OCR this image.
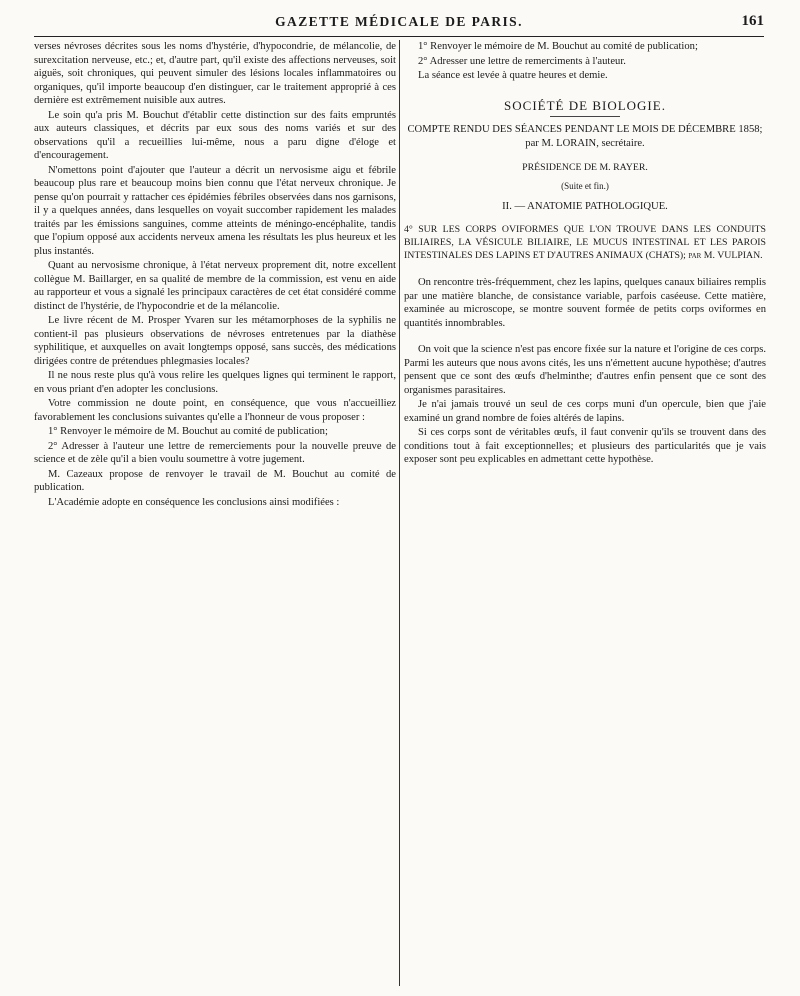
GAZETTE MÉDICALE DE PARIS.	161

verses névroses décrites sous les noms d'hystérie, d'hypocondrie, de mélancolie, de surexcitation nerveuse, etc.; et, d'autre part, qu'il existe des affections nerveuses, soit aiguës, soit chroniques, qui peuvent simuler des lésions locales inflammatoires ou organiques, qu'il importe beaucoup d'en distinguer, car le traitement approprié à ces dernière est extrêmement nuisible aux autres.

Le soin qu'a pris M. Bouchut d'établir cette distinction sur des faits empruntés aux auteurs classiques, et décrits par eux sous des noms variés et sur des observations qu'il a recueillies lui-même, nous a paru digne d'éloge et d'encouragement.

N'omettons point d'ajouter que l'auteur a décrit un nervosisme aigu et fébrile beaucoup plus rare et beaucoup moins bien connu que l'état nerveux chronique. Je pense qu'on pourrait y rattacher ces épidémies fébriles observées dans nos garnisons, il y a quelques années, dans lesquelles on voyait succomber rapidement les malades traités par les émissions sanguines, comme atteints de méningo-encéphalite, tandis que l'opium opposé aux accidents nerveux amena les résultats les plus heureux et les plus instantés.

Quant au nervosisme chronique, à l'état nerveux proprement dit, notre excellent collègue M. Baillarger, en sa qualité de membre de la commission, est venu en aide au rapporteur et vous a signalé les principaux caractères de cet état considéré comme distinct de l'hystérie, de l'hypocondrie et de la mélancolie.

Le livre récent de M. Prosper Yvaren sur les métamorphoses de la syphilis ne contient-il pas plusieurs observations de névroses entretenues par la diathèse syphilitique, et auxquelles on avait longtemps opposé, sans succès, des médications dirigées contre de prétendues phlegmasies locales?

Il ne nous reste plus qu'à vous relire les quelques lignes qui terminent le rapport, en vous priant d'en adopter les conclusions.

Votre commission ne doute point, en conséquence, que vous n'accueilliez favorablement les conclusions suivantes qu'elle a l'honneur de vous proposer :

1° Renvoyer le mémoire de M. Bouchut au comité de publication;

2° Adresser à l'auteur une lettre de remerciements pour la nouvelle preuve de science et de zèle qu'il a bien voulu soumettre à votre jugement.

M. Cazeaux propose de renvoyer le travail de M. Bouchut au comité de publication.

L'Académie adopte en conséquence les conclusions ainsi modifiées :

1° Renvoyer le mémoire de M. Bouchut au comité de publication;

2° Adresser une lettre de remerciments à l'auteur.

La séance est levée à quatre heures et demie.

SOCIÉTÉ DE BIOLOGIE.
COMPTE RENDU DES SÉANCES PENDANT LE MOIS DE DÉCEMBRE 1858;
par M. LORAIN, secrétaire.
PRÉSIDENCE DE M. RAYER.
(Suite et fin.)
II. — ANATOMIE PATHOLOGIQUE.
4° SUR LES CORPS OVIFORMES QUE L'ON TROUVE DANS LES CONDUITS BILIAIRES, LA VÉSICULE BILIAIRE, LE MUCUS INTESTINAL ET LES PAROIS INTESTINALES DES LAPINS ET D'AUTRES ANIMAUX (CHATS); par M. VULPIAN.

On rencontre très-fréquemment, chez les lapins, quelques canaux biliaires remplis par une matière blanche, de consistance variable, parfois caséeuse. Cette matière, examinée au microscope, se montre souvent formée de petits corps oviformes en quantités innombrables.

On voit que la science n'est pas encore fixée sur la nature et l'origine de ces corps. Parmi les auteurs que nous avons cités, les uns n'émettent aucune hypothèse; d'autres pensent que ce sont des œufs d'helminthe; d'autres enfin pensent que ce sont des organismes parasitaires.

Je n'ai jamais trouvé un seul de ces corps muni d'un opercule, bien que j'aie examiné un grand nombre de foies altérés de lapins.

Si ces corps sont de véritables œufs, il faut convenir qu'ils se trouvent dans des conditions tout à fait exceptionnelles; et plusieurs des particularités que je vais exposer sont peu explicables en admettant cette hypothèse.
